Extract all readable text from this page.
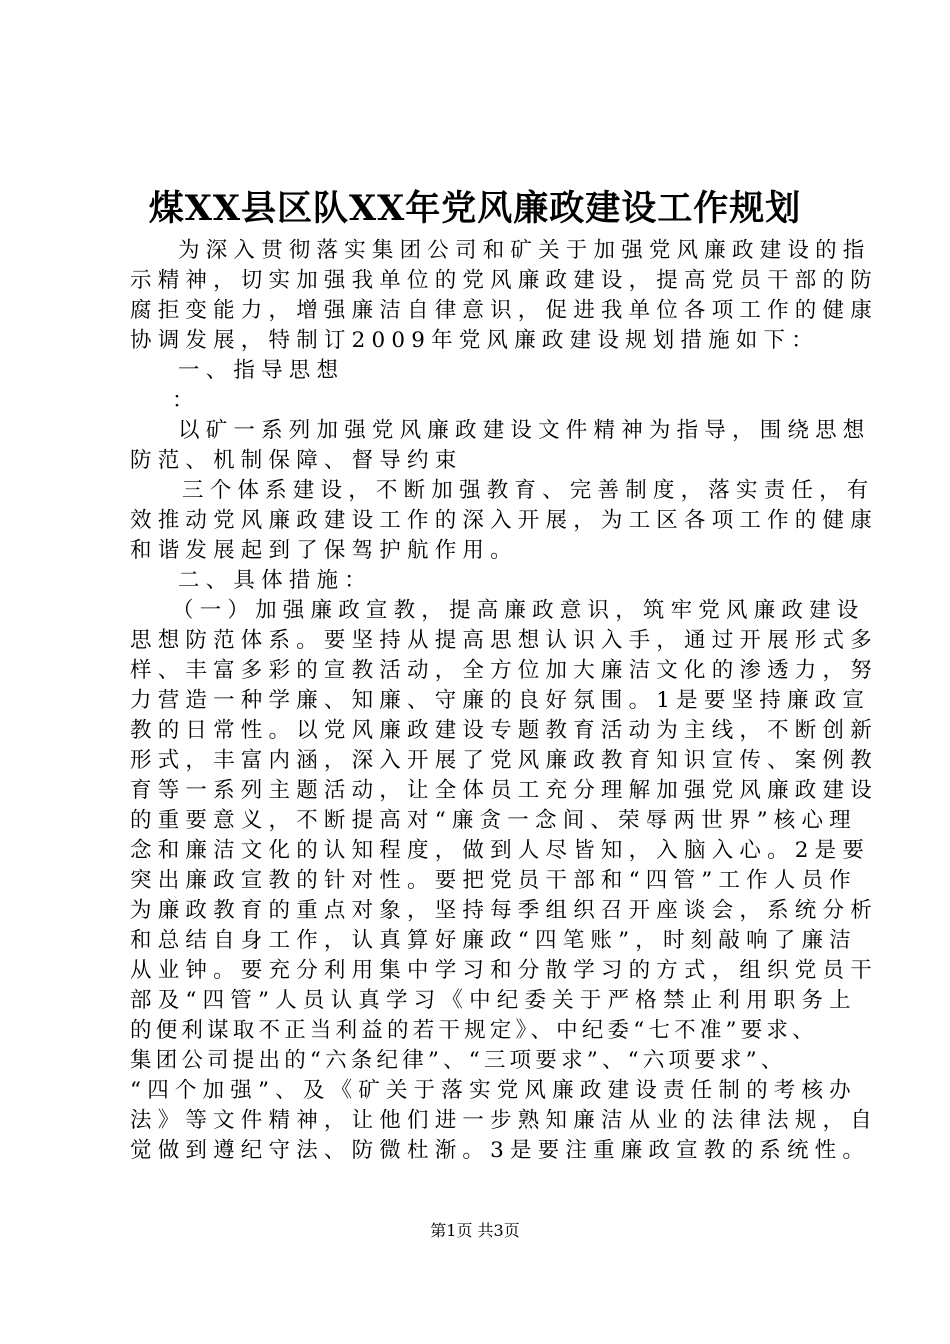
煤XX县区队XX年党风廉政建设工作规划
为深入贯彻落实集团公司和矿关于加强党风廉政建设的指
示精神，切实加强我单位的党风廉政建设，提高党员干部的防
腐拒变能力，增强廉洁自律意识，促进我单位各项工作的健康
协调发展，特制订2009年党风廉政建设规划措施如下：
一、指导思想
：
以矿一系列加强党风廉政建设文件精神为指导，围绕思想
防范、机制保障、督导约束
三个体系建设，不断加强教育、完善制度，落实责任，有
效推动党风廉政建设工作的深入开展，为工区各项工作的健康
和谐发展起到了保驾护航作用。
二、具体措施：
（一）加强廉政宣教，提高廉政意识，筑牢党风廉政建设
思想防范体系。要坚持从提高思想认识入手，通过开展形式多
样、丰富多彩的宣教活动，全方位加大廉洁文化的渗透力，努
力营造一种学廉、知廉、守廉的良好氛围。1是要坚持廉政宣
教的日常性。以党风廉政建设专题教育活动为主线，不断创新
形式，丰富内涵，深入开展了党风廉政教育知识宣传、案例教
育等一系列主题活动，让全体员工充分理解加强党风廉政建设
的重要意义，不断提高对“廉贪一念间、荣辱两世界”核心理
念和廉洁文化的认知程度，做到人尽皆知，入脑入心。2是要
突出廉政宣教的针对性。要把党员干部和“四管”工作人员作
为廉政教育的重点对象，坚持每季组织召开座谈会，系统分析
和总结自身工作，认真算好廉政“四笔账”，时刻敲响了廉洁
从业钟。要充分利用集中学习和分散学习的方式，组织党员干
部及“四管”人员认真学习《中纪委关于严格禁止利用职务上
的便利谋取不正当利益的若干规定》、中纪委“七不准”要求、
集团公司提出的“六条纪律”、“三项要求”、“六项要求”、
“四个加强”、及《矿关于落实党风廉政建设责任制的考核办
法》等文件精神，让他们进一步熟知廉洁从业的法律法规，自
觉做到遵纪守法、防微杜渐。3是要注重廉政宣教的系统性。
第1页 共3页
